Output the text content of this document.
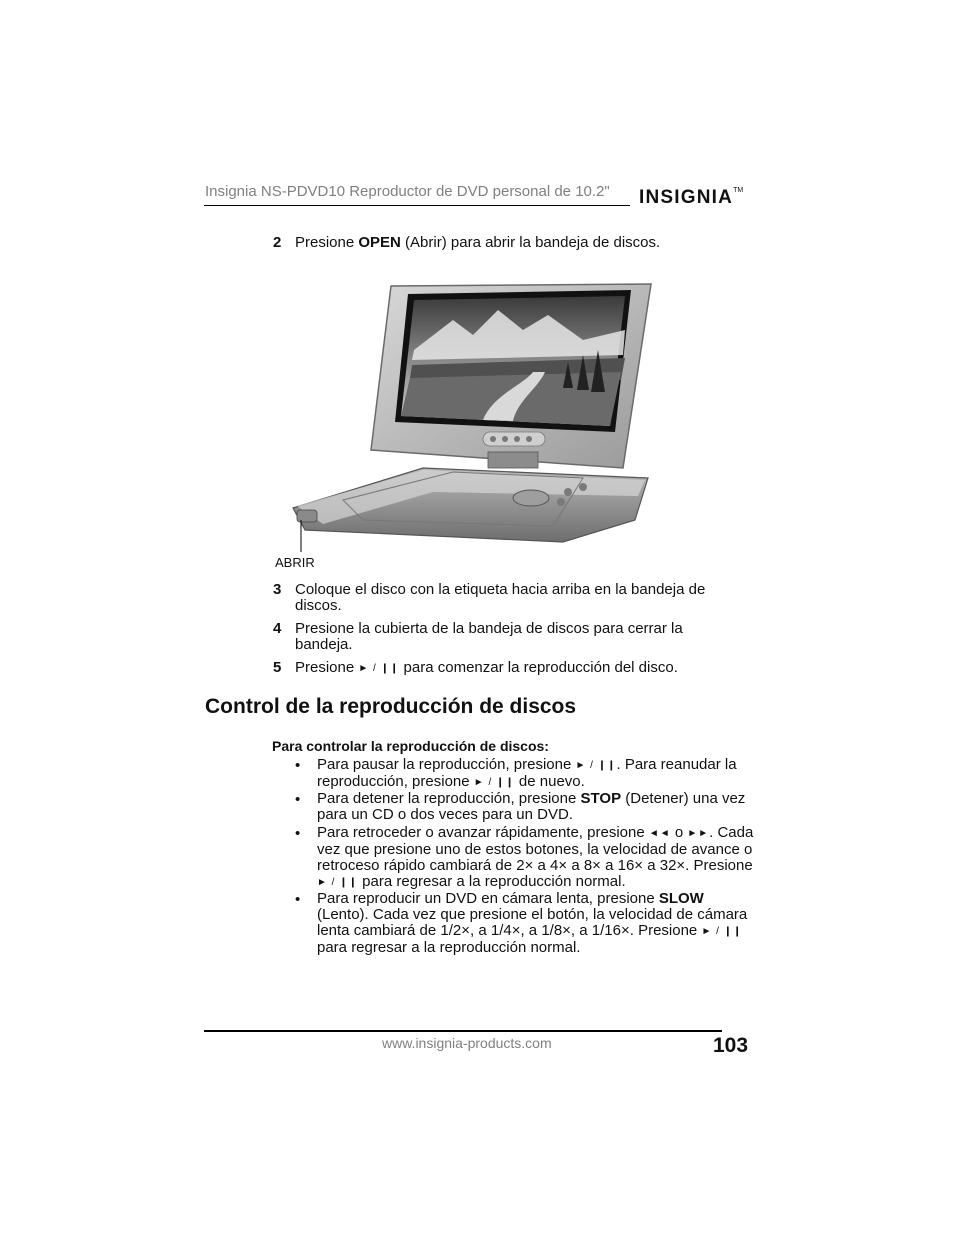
Insignia NS-PDVD10 Reproductor de DVD personal de 10.2" INSIGNIA™
2 Presione OPEN (Abrir) para abrir la bandeja de discos.
ABRIR
3 Coloque el disco con la etiqueta hacia arriba en la bandeja de discos.
4 Presione la cubierta de la bandeja de discos para cerrar la bandeja.
5 Presione ► / ❙❙ para comenzar la reproducción del disco.
Control de la reproducción de discos
Para controlar la reproducción de discos:
• Para pausar la reproducción, presione ► / ❙❙. Para reanudar la reproducción, presione ► / ❙❙ de nuevo.
• Para detener la reproducción, presione STOP (Detener) una vez para un CD o dos veces para un DVD.
• Para retroceder o avanzar rápidamente, presione ◄◄ o ►►. Cada vez que presione uno de estos botones, la velocidad de avance o retroceso rápido cambiará de 2× a 4× a 8× a 16× a 32×. Presione ► / ❙❙ para regresar a la reproducción normal.
• Para reproducir un DVD en cámara lenta, presione SLOW (Lento). Cada vez que presione el botón, la velocidad de cámara lenta cambiará de 1/2×, a 1/4×, a 1/8×, a 1/16×. Presione ► / ❙❙ para regresar a la reproducción normal.
www.insignia-products.com	103
